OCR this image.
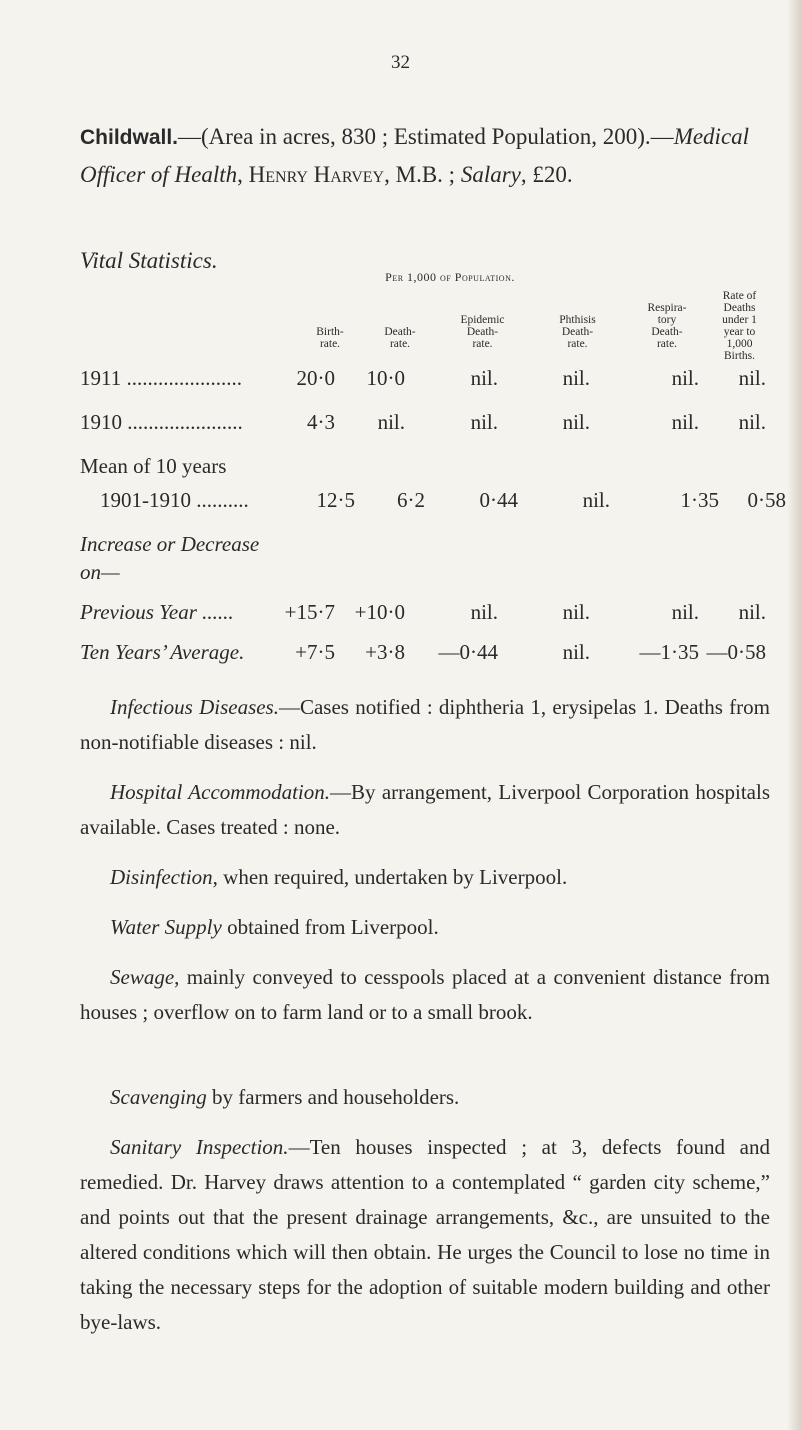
32
Childwall.—(Area in acres, 830 ; Estimated Population, 200).—Medical Officer of Health, Henry Harvey, M.B. ; Salary, £20.
Vital Statistics.
Per 1,000 of Population.
Birth-
rate.
Death-
rate.
Epidemic
Death-
rate.
Phthisis
Death-
rate.
Respira-
tory
Death-
rate.
Rate of
Deaths
under 1
year to
1,000
Births.
1911 ......................	20·0 10·0	nil.	nil.	nil. nil.
1910 ......................	4·3 nil.	nil.	nil.	nil. nil.
Mean of 10 years
1901-1910 ..........	12·5 6·2	0·44	nil.	1·35 0·58
Increase or Decrease
on—
Previous Year ...... +15·7 +10·0	nil.	nil.	nil. nil.
Ten Years’ Average. +7·5 +3·8 —0·44	nil. —1·35 —0·58
Infectious Diseases.—Cases notified : diphtheria 1, erysipelas 1. Deaths from non-notifiable diseases : nil.
Hospital Accommodation.—By arrangement, Liverpool Corporation hospitals available. Cases treated : none.
Disinfection, when required, undertaken by Liverpool.
Water Supply obtained from Liverpool.
Sewage, mainly conveyed to cesspools placed at a convenient distance from houses ; overflow on to farm land or to a small brook.
Scavenging by farmers and householders.
Sanitary Inspection.—Ten houses inspected ; at 3, defects found and remedied. Dr. Harvey draws attention to a contemplated “ garden city scheme,” and points out that the present drainage arrangements, &c., are unsuited to the altered conditions which will then obtain. He urges the Council to lose no time in taking the necessary steps for the adoption of suitable modern building and other bye-laws.
